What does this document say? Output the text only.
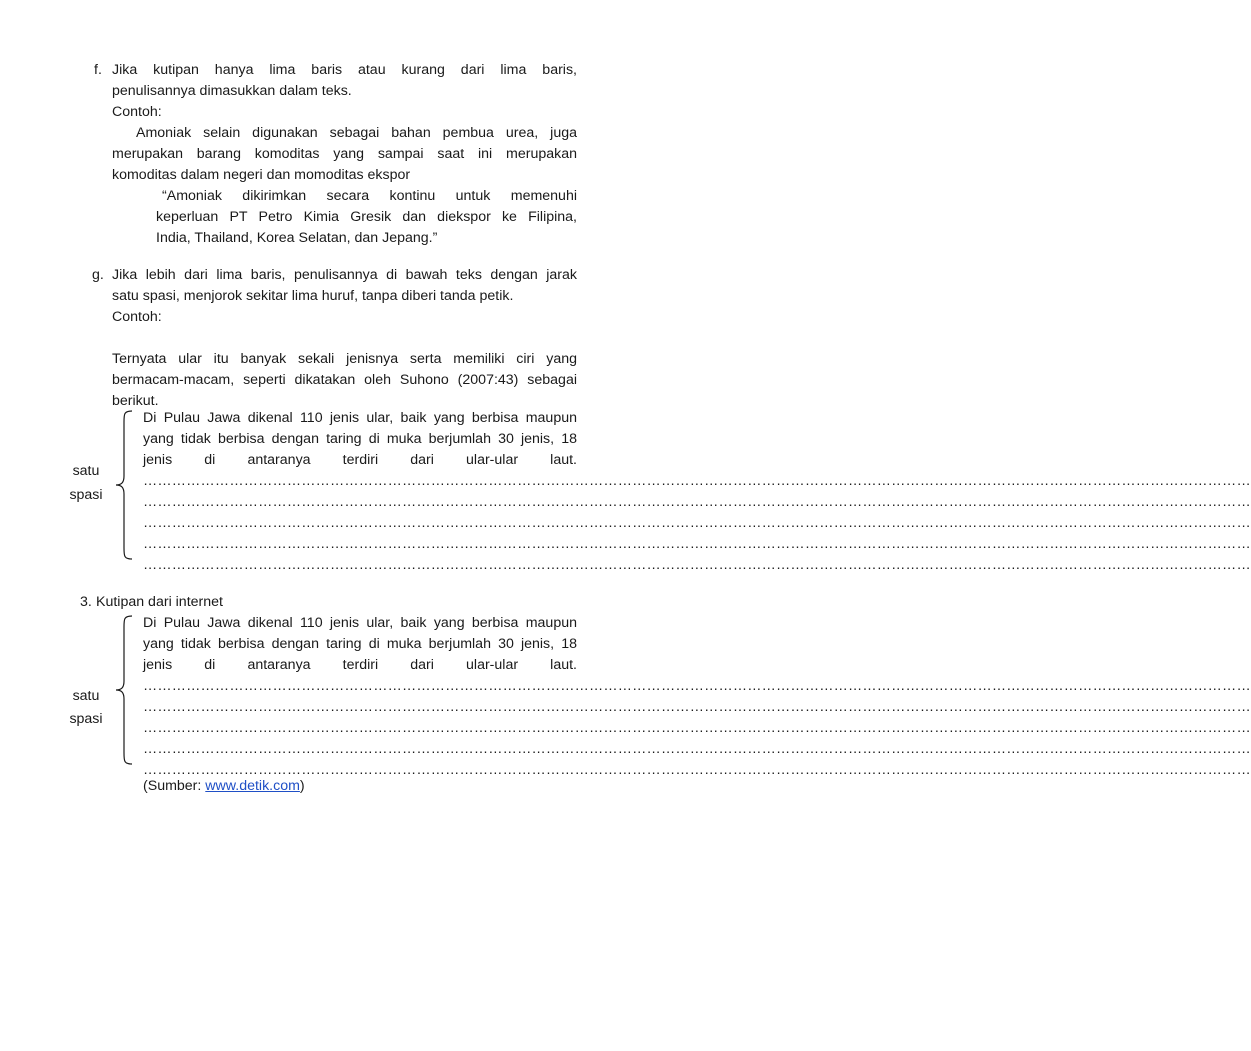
f. Jika kutipan hanya lima baris atau kurang dari lima baris,
penulisannya dimasukkan dalam teks.
Contoh:
Amoniak selain digunakan sebagai bahan pembua urea, juga
merupakan barang komoditas yang sampai saat ini merupakan
komoditas dalam negeri dan momoditas ekspor
“Amoniak dikirimkan secara kontinu untuk memenuhi
keperluan PT Petro Kimia Gresik dan diekspor ke Filipina,
India, Thailand, Korea Selatan, dan Jepang.”
g. Jika lebih dari lima baris, penulisannya di bawah teks dengan jarak
satu spasi, menjorok sekitar lima huruf, tanpa diberi tanda petik.
Contoh:
Ternyata ular itu banyak sekali jenisnya serta memiliki ciri yang
bermacam-macam, seperti dikatakan oleh Suhono (2007:43) sebagai
berikut.
Di Pulau Jawa dikenal 110 jenis ular, baik yang berbisa maupun
yang tidak berbisa dengan taring di muka berjumlah 30 jenis, 18
jenis di antaranya terdiri dari ular-ular laut.
……………………………………………………………………………………………………………………………………………………………………………………………………………
……………………………………………………………………………………………………………………………………………………………………………………………………………
……………………………………………………………………………………………………………………………………………………………………………………………………………
……………………………………………………………………………………………………………………………………………………………………………………………………………
……………………………………………………………………………………………………………………………………………………………………………………………………………
satu
spasi
3. Kutipan dari internet
Di Pulau Jawa dikenal 110 jenis ular, baik yang berbisa maupun
yang tidak berbisa dengan taring di muka berjumlah 30 jenis, 18
jenis di antaranya terdiri dari ular-ular laut.
……………………………………………………………………………………………………………………………………………………………………………………………………………
……………………………………………………………………………………………………………………………………………………………………………………………………………
……………………………………………………………………………………………………………………………………………………………………………………………………………
……………………………………………………………………………………………………………………………………………………………………………………………………………
……………………………………………………………………………………………………………………………………………………………………………………………………………
(Sumber: www.detik.com)
satu
spasi
